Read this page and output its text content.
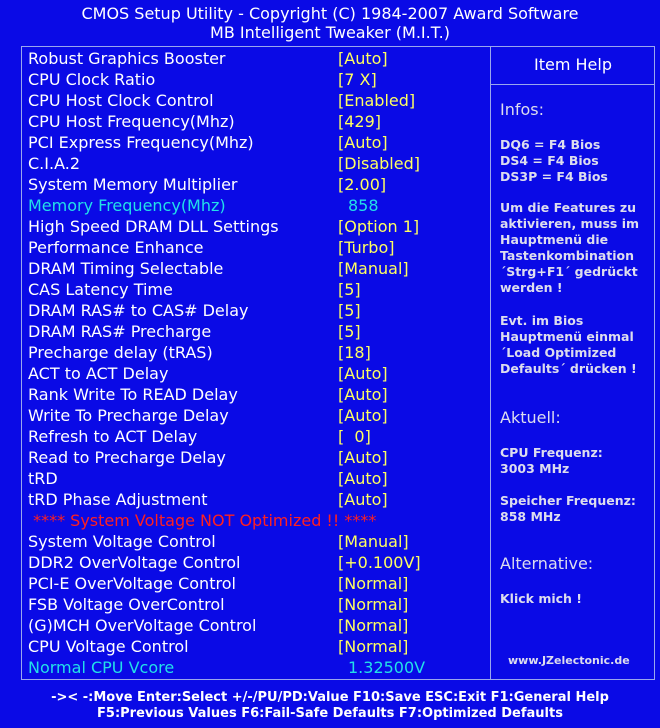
CMOS Setup Utility - Copyright (C) 1984-2007 Award Software
MB Intelligent Tweaker (M.I.T.)
Item Help
Robust Graphics Booster	[Auto]
CPU Clock Ratio	[7 X]
CPU Host Clock Control	[Enabled]
CPU Host Frequency(Mhz)	[429]
PCI Express Frequency(Mhz)	[Auto]
C.I.A.2	[Disabled]
System Memory Multiplier	[2.00]
Memory Frequency(Mhz)	858
High Speed DRAM DLL Settings	[Option 1]
Performance Enhance	[Turbo]
DRAM Timing Selectable	[Manual]
CAS Latency Time	[5]
DRAM RAS# to CAS# Delay	[5]
DRAM RAS# Precharge	[5]
Precharge delay (tRAS)	[18]
ACT to ACT Delay	[Auto]
Rank Write To READ Delay	[Auto]
Write To Precharge Delay	[Auto]
Refresh to ACT Delay	[  0]
Read to Precharge Delay	[Auto]
tRD	[Auto]
tRD Phase Adjustment	[Auto]
**** System Voltage NOT Optimized !! ****
System Voltage Control	[Manual]
DDR2 OverVoltage Control	[+0.100V]
PCI-E OverVoltage Control	[Normal]
FSB Voltage OverControl	[Normal]
(G)MCH OverVoltage Control	[Normal]
CPU Voltage Control	[Normal]
Normal CPU Vcore	1.32500V
Infos:
DQ6 = F4 Bios
DS4 = F4 Bios
DS3P = F4 Bios
Um die Features zu
aktivieren, muss im
Hauptmenü die
Tastenkombination
´Strg+F1´ gedrückt
werden !
Evt. im Bios
Hauptmenü einmal
´Load Optimized
Defaults´ drücken !
Aktuell:
CPU Frequenz:
3003 MHz
Speicher Frequenz:
858 MHz
Alternative:
Klick mich !
www.JZelectonic.de
->< -:Move Enter:Select +/-/PU/PD:Value F10:Save ESC:Exit F1:General Help
F5:Previous Values F6:Fail-Safe Defaults F7:Optimized Defaults
